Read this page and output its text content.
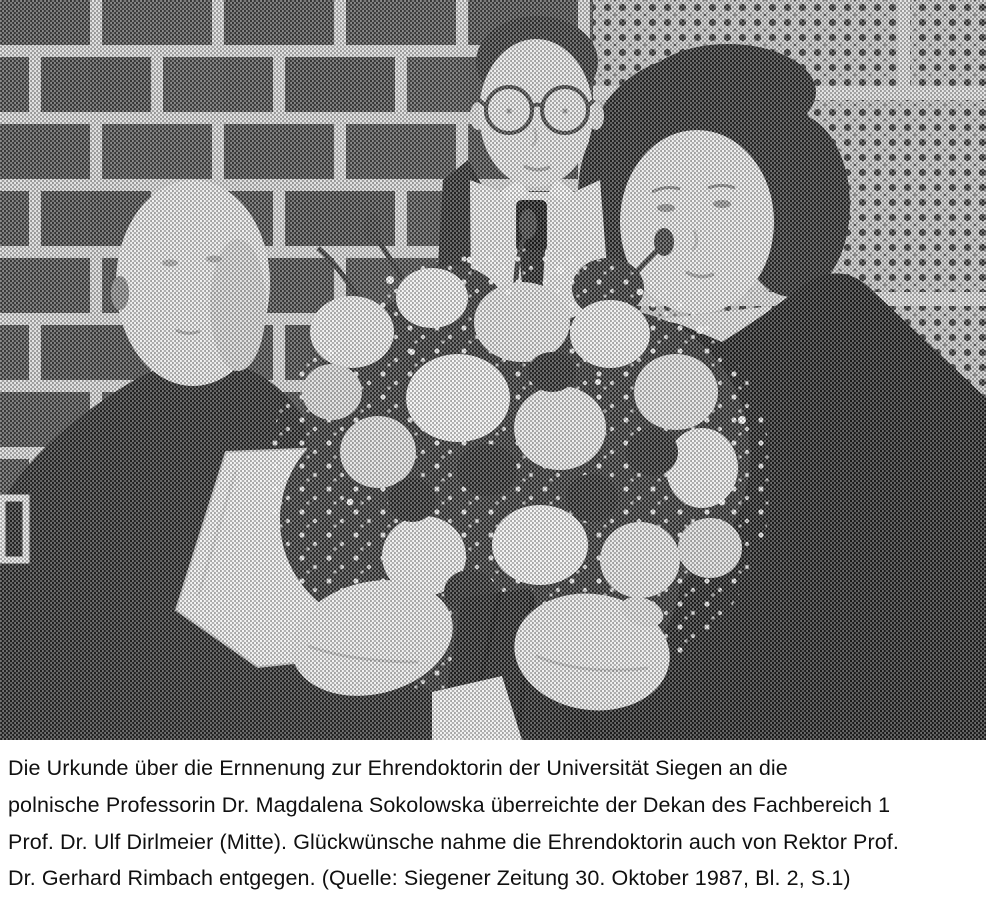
Die Urkunde über die Ernnenung zur Ehrendoktorin der Universität Siegen an die
polnische Professorin Dr. Magdalena Sokolowska überreichte der Dekan des Fachbereich 1
Prof. Dr. Ulf Dirlmeier (Mitte). Glückwünsche nahme die Ehrendoktorin auch von Rektor Prof.
Dr. Gerhard Rimbach entgegen. (Quelle: Siegener Zeitung 30. Oktober 1987, Bl. 2, S.1)
